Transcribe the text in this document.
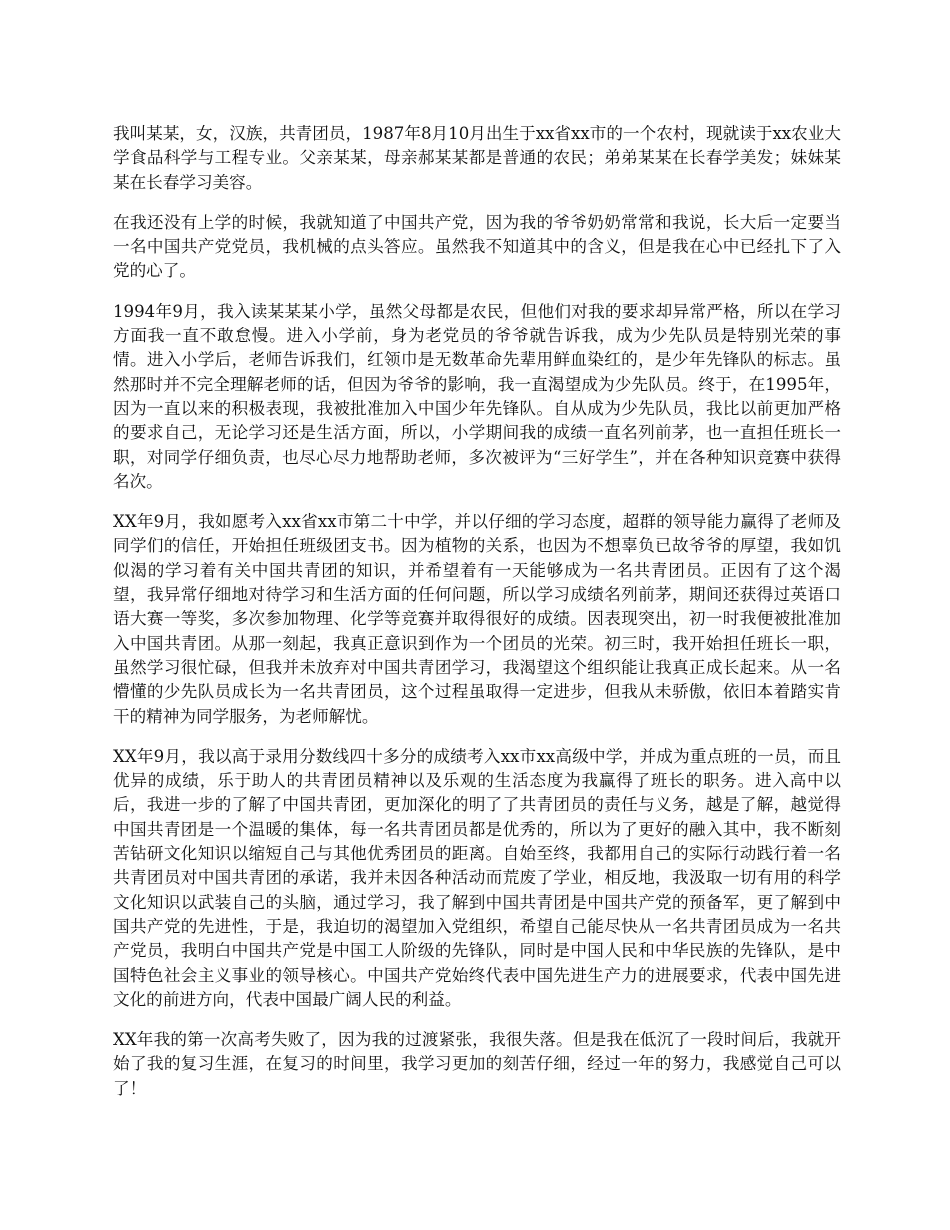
我叫某某，女，汉族，共青团员，1987年8月10月出生于xx省xx市的一个农村，现就读于xx农业大学食品科学与工程专业。父亲某某，母亲郝某某都是普通的农民；弟弟某某在长春学美发；妹妹某某在长春学习美容。

在我还没有上学的时候，我就知道了中国共产党，因为我的爷爷奶奶常常和我说，长大后一定要当一名中国共产党党员，我机械的点头答应。虽然我不知道其中的含义，但是我在心中已经扎下了入党的心了。

1994年9月，我入读某某某小学，虽然父母都是农民，但他们对我的要求却异常严格，所以在学习方面我一直不敢怠慢。进入小学前，身为老党员的爷爷就告诉我，成为少先队员是特别光荣的事情。进入小学后，老师告诉我们，红领巾是无数革命先辈用鲜血染红的，是少年先锋队的标志。虽然那时并不完全理解老师的话，但因为爷爷的影响，我一直渴望成为少先队员。终于，在1995年，因为一直以来的积极表现，我被批准加入中国少年先锋队。自从成为少先队员，我比以前更加严格的要求自己，无论学习还是生活方面，所以，小学期间我的成绩一直名列前茅，也一直担任班长一职，对同学仔细负责，也尽心尽力地帮助老师，多次被评为“三好学生”，并在各种知识竞赛中获得名次。

XX年9月，我如愿考入xx省xx市第二十中学，并以仔细的学习态度，超群的领导能力赢得了老师及同学们的信任，开始担任班级团支书。因为植物的关系，也因为不想辜负已故爷爷的厚望，我如饥似渴的学习着有关中国共青团的知识，并希望着有一天能够成为一名共青团员。正因有了这个渴望，我异常仔细地对待学习和生活方面的任何问题，所以学习成绩名列前茅，期间还获得过英语口语大赛一等奖，多次参加物理、化学等竞赛并取得很好的成绩。因表现突出，初一时我便被批准加入中国共青团。从那一刻起，我真正意识到作为一个团员的光荣。初三时，我开始担任班长一职，虽然学习很忙碌，但我并未放弃对中国共青团学习，我渴望这个组织能让我真正成长起来。从一名懵懂的少先队员成长为一名共青团员，这个过程虽取得一定进步，但我从未骄傲，依旧本着踏实肯干的精神为同学服务，为老师解忧。

XX年9月，我以高于录用分数线四十多分的成绩考入xx市xx高级中学，并成为重点班的一员，而且优异的成绩，乐于助人的共青团员精神以及乐观的生活态度为我赢得了班长的职务。进入高中以后，我进一步的了解了中国共青团，更加深化的明了了共青团员的责任与义务，越是了解，越觉得中国共青团是一个温暖的集体，每一名共青团员都是优秀的，所以为了更好的融入其中，我不断刻苦钻研文化知识以缩短自己与其他优秀团员的距离。自始至终，我都用自己的实际行动践行着一名共青团员对中国共青团的承诺，我并未因各种活动而荒废了学业，相反地，我汲取一切有用的科学文化知识以武装自己的头脑，通过学习，我了解到中国共青团是中国共产党的预备军，更了解到中国共产党的先进性，于是，我迫切的渴望加入党组织，希望自己能尽快从一名共青团员成为一名共产党员，我明白中国共产党是中国工人阶级的先锋队，同时是中国人民和中华民族的先锋队，是中国特色社会主义事业的领导核心。中国共产党始终代表中国先进生产力的进展要求，代表中国先进文化的前进方向，代表中国最广阔人民的利益。

XX年我的第一次高考失败了，因为我的过渡紧张，我很失落。但是我在低沉了一段时间后，我就开始了我的复习生涯，在复习的时间里，我学习更加的刻苦仔细，经过一年的努力，我感觉自己可以了！
